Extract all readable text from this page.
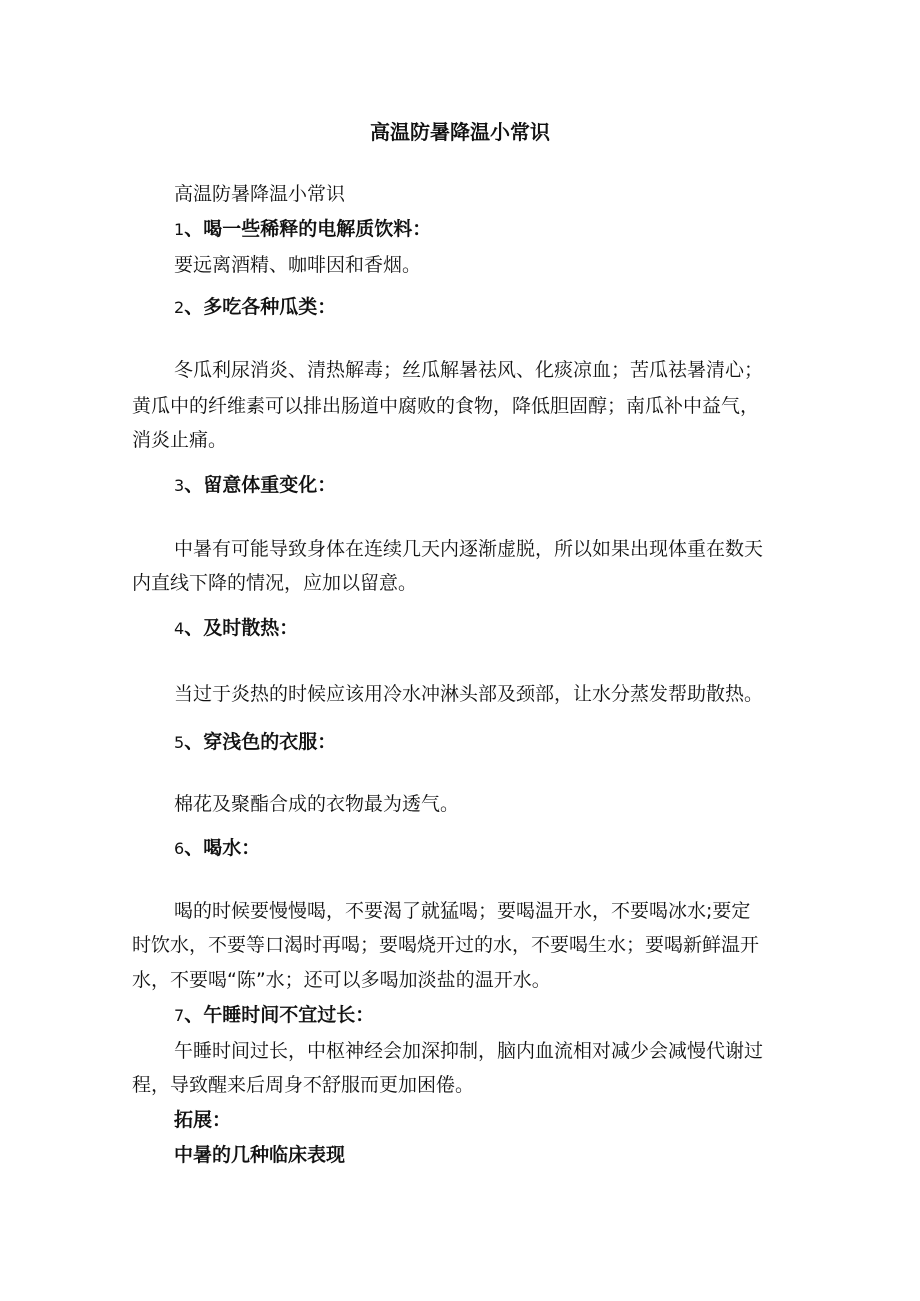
高温防暑降温小常识
高温防暑降温小常识
1、喝一些稀释的电解质饮料：
要远离酒精、咖啡因和香烟。
2、多吃各种瓜类：
冬瓜利尿消炎、清热解毒；丝瓜解暑祛风、化痰凉血；苦瓜祛暑清心；
黄瓜中的纤维素可以排出肠道中腐败的食物，降低胆固醇；南瓜补中益气，
消炎止痛。
3、留意体重变化：
中暑有可能导致身体在连续几天内逐渐虚脱，所以如果出现体重在数天
内直线下降的情况，应加以留意。
4、及时散热：
当过于炎热的时候应该用冷水冲淋头部及颈部，让水分蒸发帮助散热。
5、穿浅色的衣服：
棉花及聚酯合成的衣物最为透气。
6、喝水：
喝的时候要慢慢喝，不要渴了就猛喝；要喝温开水，不要喝冰水;要定
时饮水，不要等口渴时再喝；要喝烧开过的水，不要喝生水；要喝新鲜温开
水，不要喝“陈”水；还可以多喝加淡盐的温开水。
7、午睡时间不宜过长：
午睡时间过长，中枢神经会加深抑制，脑内血流相对减少会减慢代谢过
程，导致醒来后周身不舒服而更加困倦。
拓展：
中暑的几种临床表现
